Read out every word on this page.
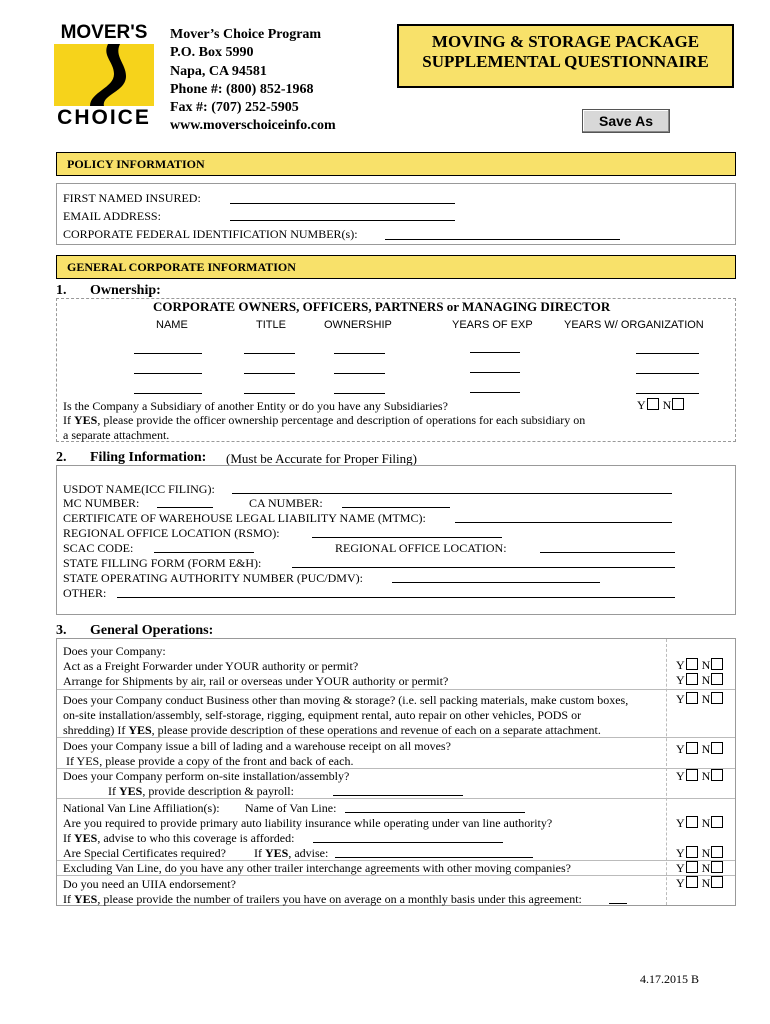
MOVER'S
CHOICE
Mover’s Choice Program
P.O. Box 5990
Napa, CA 94581
Phone #: (800) 852-1968
Fax #: (707) 252-5905
www.moverschoiceinfo.com
MOVING & STORAGE PACKAGE
SUPPLEMENTAL QUESTIONNAIRE
Save As
POLICY INFORMATION
FIRST NAMED INSURED:
EMAIL ADDRESS:
CORPORATE FEDERAL IDENTIFICATION NUMBER(s):
GENERAL CORPORATE INFORMATION
1. Ownership:
CORPORATE OWNERS, OFFICERS, PARTNERS or MANAGING DIRECTOR
NAME	TITLE	OWNERSHIP	YEARS OF EXP	YEARS W/ ORGANIZATION
Is the Company a Subsidiary of another Entity or do you have any Subsidiaries?	Y N
If YES, please provide the officer ownership percentage and description of operations for each subsidiary on
a separate attachment.
2. Filing Information: (Must be Accurate for Proper Filing)
USDOT NAME(ICC FILING):
MC NUMBER:	CA NUMBER:
CERTIFICATE OF WAREHOUSE LEGAL LIABILITY NAME (MTMC):
REGIONAL OFFICE LOCATION (RSMO):
SCAC CODE:	REGIONAL OFFICE LOCATION:
STATE FILLING FORM (FORM E&H):
STATE OPERATING AUTHORITY NUMBER (PUC/DMV):
OTHER:
3. General Operations:
Does your Company:
Act as a Freight Forwarder under YOUR authority or permit?	Y N
Arrange for Shipments by air, rail or overseas under YOUR authority or permit?	Y N
Does your Company conduct Business other than moving & storage? (i.e. sell packing materials, make custom boxes,	Y N
on-site installation/assembly, self-storage, rigging, equipment rental, auto repair on other vehicles, PODS or
shredding) If YES, please provide description of these operations and revenue of each on a separate attachment.
Does your Company issue a bill of lading and a warehouse receipt on all moves?	Y N
If YES, please provide a copy of the front and back of each.
Does your Company perform on-site installation/assembly?	Y N
If YES, provide description & payroll:
National Van Line Affiliation(s): Name of Van Line:
Are you required to provide primary auto liability insurance while operating under van line authority?	Y N
If YES, advise to who this coverage is afforded:
Are Special Certificates required? If YES, advise:	Y N
Excluding Van Line, do you have any other trailer interchange agreements with other moving companies?	Y N
Do you need an UIIA endorsement?	Y N
If YES, please provide the number of trailers you have on average on a monthly basis under this agreement:
4.17.2015 B
